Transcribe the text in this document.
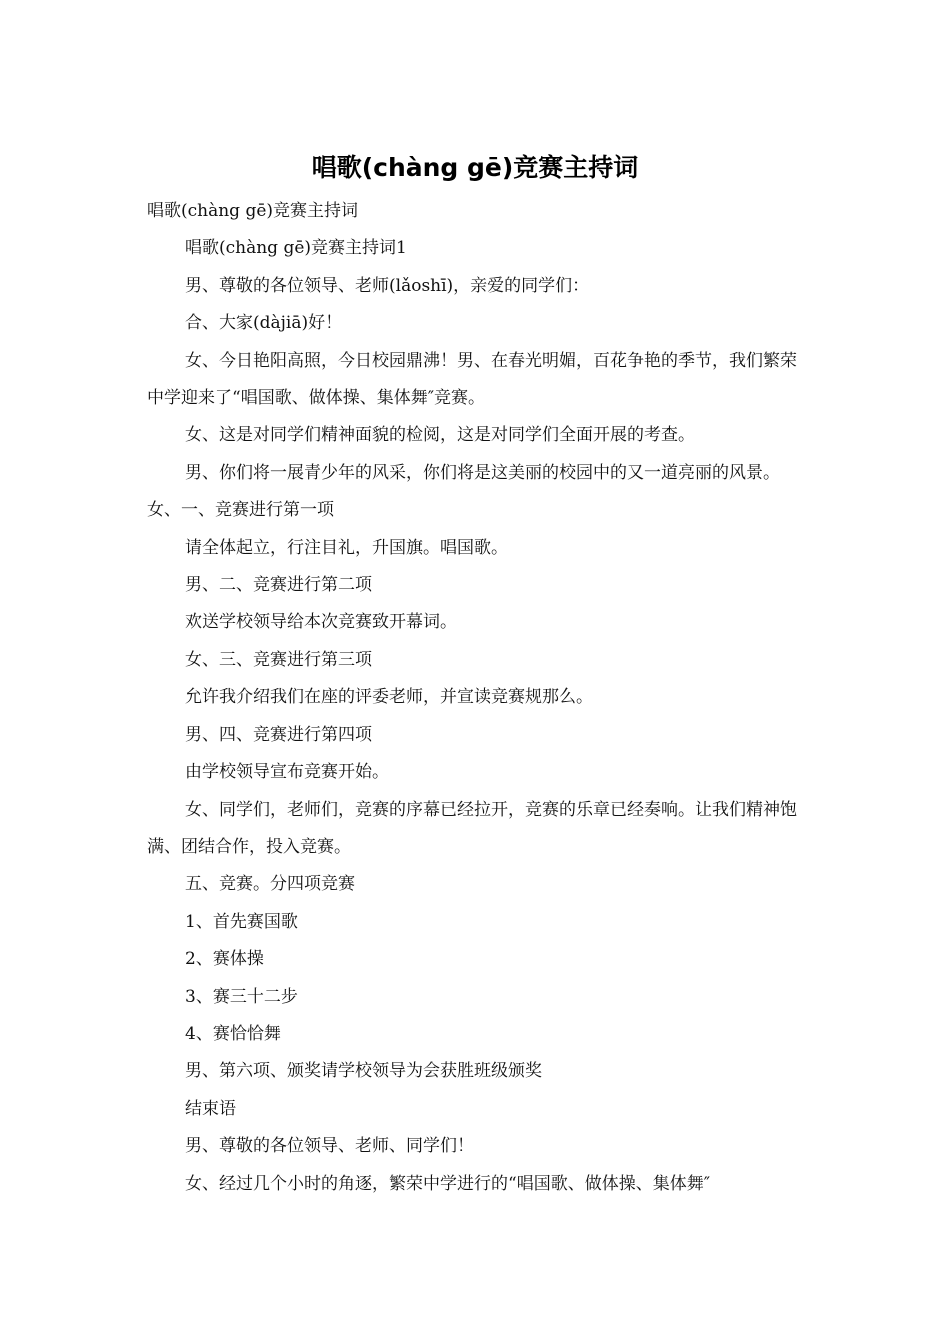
唱歌(chàng gē)竞赛主持词

唱歌(chàng gē)竞赛主持词

唱歌(chàng gē)竞赛主持词1

男、尊敬的各位领导、老师(lǎoshī)，亲爱的同学们：

合、大家(dàjiā)好！

女、今日艳阳高照，今日校园鼎沸！男、在春光明媚，百花争艳的季节，我们繁荣中学迎来了“唱国歌、做体操、集体舞″竞赛。

女、这是对同学们精神面貌的检阅，这是对同学们全面开展的考查。

男、你们将一展青少年的风采，你们将是这美丽的校园中的又一道亮丽的风景。女、一、竞赛进行第一项

请全体起立，行注目礼，升国旗。唱国歌。

男、二、竞赛进行第二项

欢送学校领导给本次竞赛致开幕词。

女、三、竞赛进行第三项

允许我介绍我们在座的评委老师，并宣读竞赛规那么。

男、四、竞赛进行第四项

由学校领导宣布竞赛开始。

女、同学们，老师们，竞赛的序幕已经拉开，竞赛的乐章已经奏响。让我们精神饱满、团结合作，投入竞赛。

五、竞赛。分四项竞赛

1、首先赛国歌

2、赛体操

3、赛三十二步

4、赛恰恰舞

男、第六项、颁奖请学校领导为会获胜班级颁奖

结束语

男、尊敬的各位领导、老师、同学们！

女、经过几个小时的角逐，繁荣中学进行的“唱国歌、做体操、集体舞″
